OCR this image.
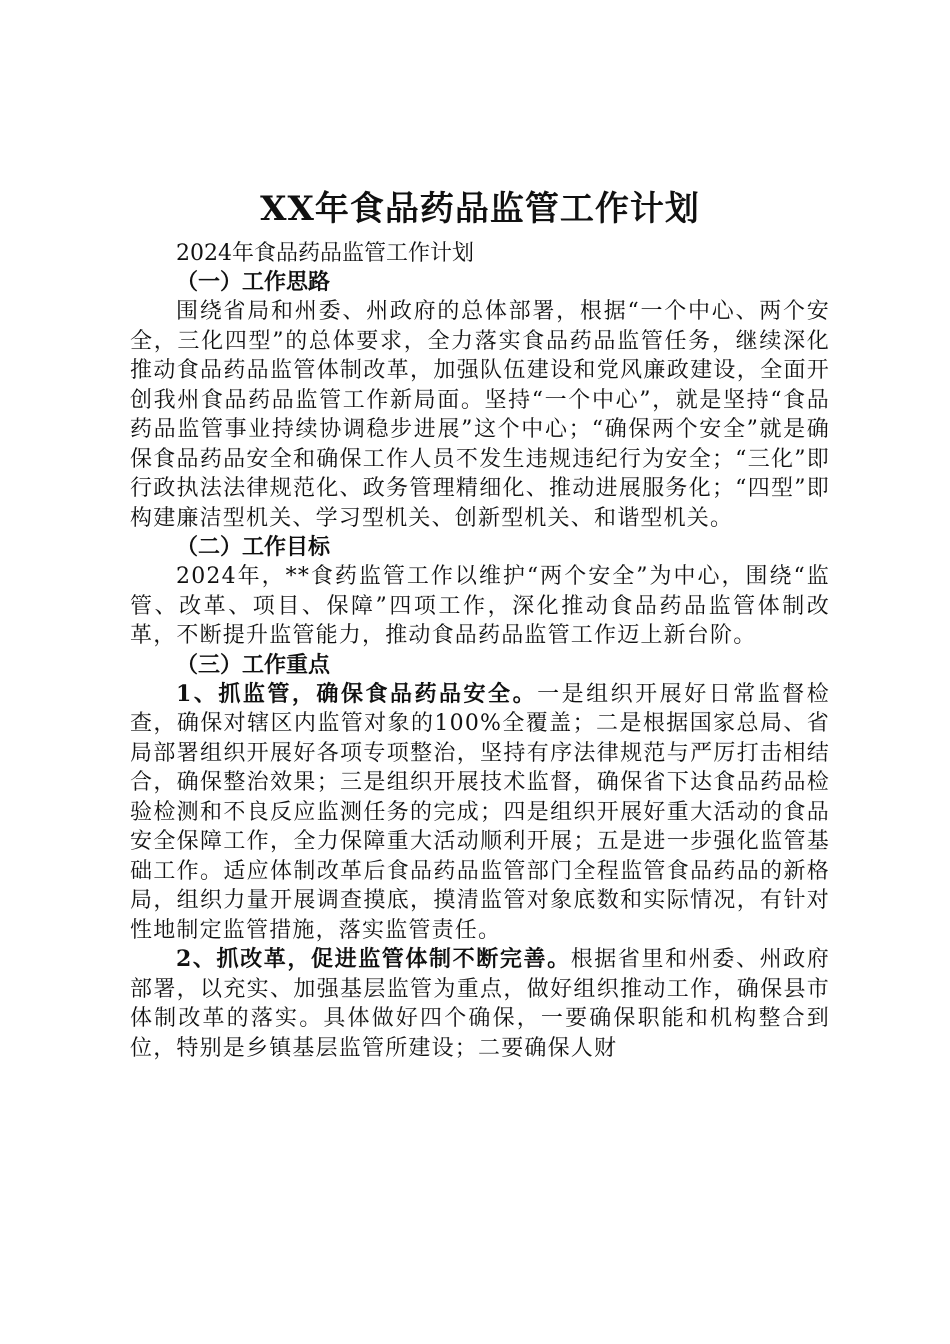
XX年食品药品监管工作计划

2024年食品药品监管工作计划

（一）工作思路

围绕省局和州委、州政府的总体部署，根据“一个中心、两个安全，三化四型”的总体要求，全力落实食品药品监管任务，继续深化推动食品药品监管体制改革，加强队伍建设和党风廉政建设，全面开创我州食品药品监管工作新局面。坚持“一个中心”，就是坚持“食品药品监管事业持续协调稳步进展”这个中心；“确保两个安全”就是确保食品药品安全和确保工作人员不发生违规违纪行为安全；“三化”即行政执法法律规范化、政务管理精细化、推动进展服务化；“四型”即构建廉洁型机关、学习型机关、创新型机关、和谐型机关。

（二）工作目标

2024年，**食药监管工作以维护“两个安全”为中心，围绕“监管、改革、项目、保障”四项工作，深化推动食品药品监管体制改革，不断提升监管能力，推动食品药品监管工作迈上新台阶。

（三）工作重点

1、抓监管，确保食品药品安全。一是组织开展好日常监督检查，确保对辖区内监管对象的100%全覆盖；二是根据国家总局、省局部署组织开展好各项专项整治，坚持有序法律规范与严厉打击相结合，确保整治效果；三是组织开展技术监督，确保省下达食品药品检验检测和不良反应监测任务的完成；四是组织开展好重大活动的食品安全保障工作，全力保障重大活动顺利开展；五是进一步强化监管基础工作。适应体制改革后食品药品监管部门全程监管食品药品的新格局，组织力量开展调查摸底，摸清监管对象底数和实际情况，有针对性地制定监管措施，落实监管责任。

2、抓改革，促进监管体制不断完善。根据省里和州委、州政府部署，以充实、加强基层监管为重点，做好组织推动工作，确保县市体制改革的落实。具体做好四个确保，一要确保职能和机构整合到位，特别是乡镇基层监管所建设；二要确保人财
